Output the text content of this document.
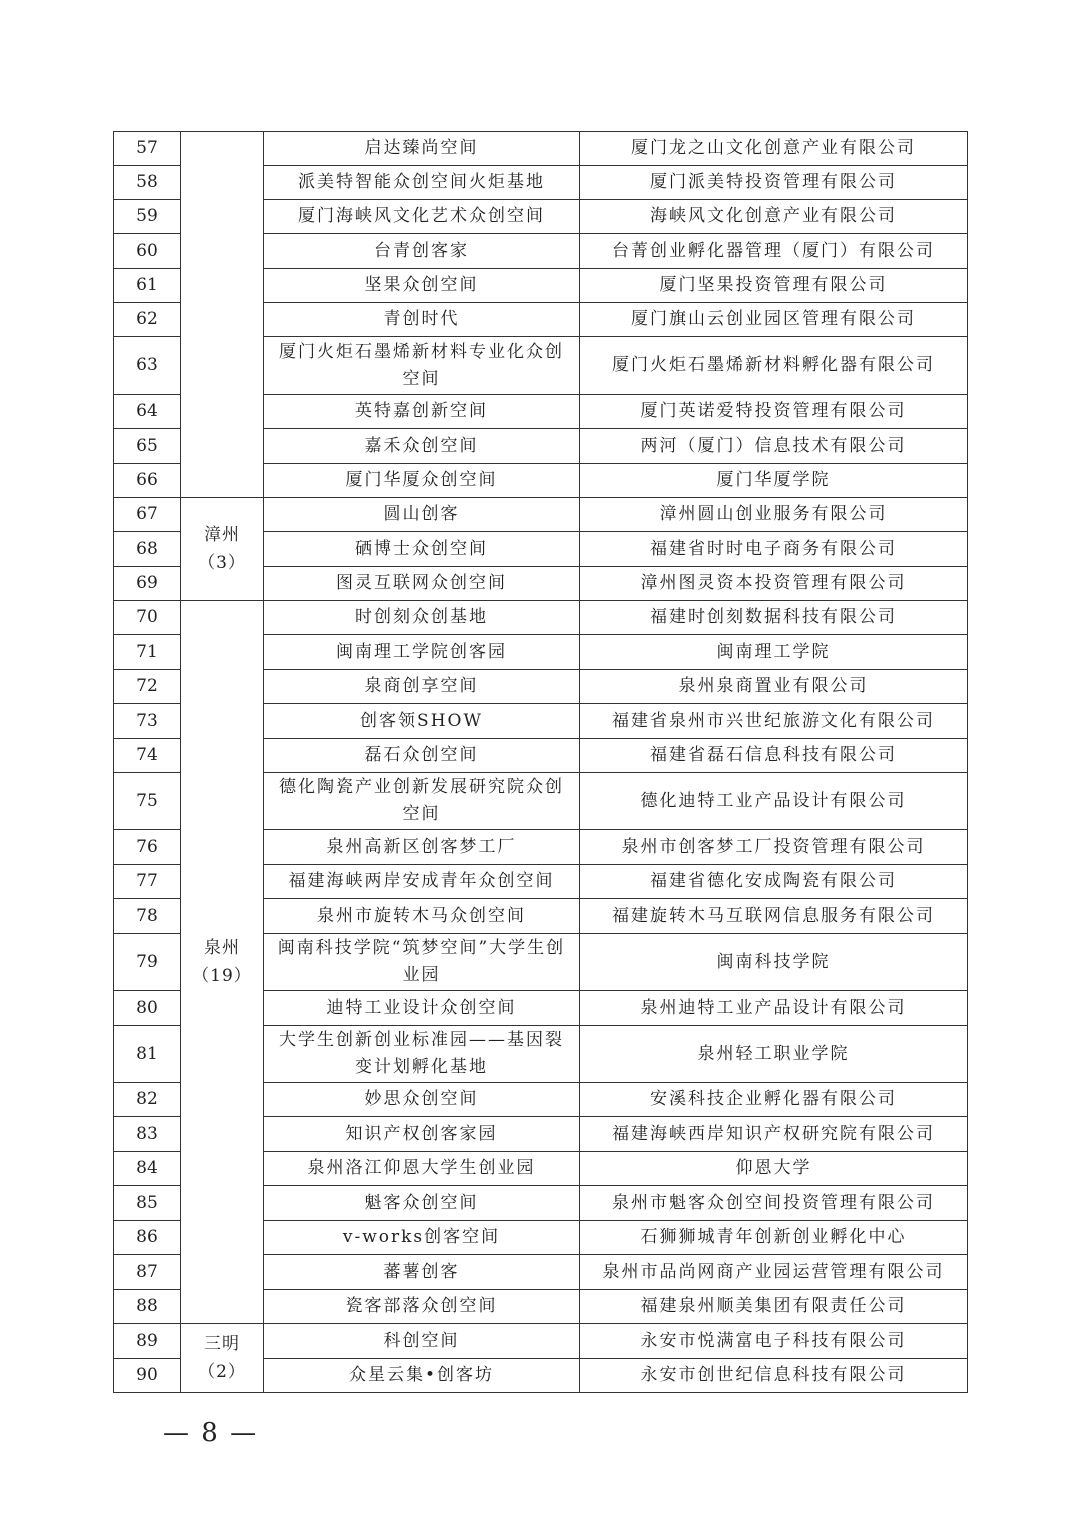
57		启达臻尚空间	厦门龙之山文化创意产业有限公司
58		派美特智能众创空间火炬基地	厦门派美特投资管理有限公司
59		厦门海峡风文化艺术众创空间	海峡风文化创意产业有限公司
60		台青创客家	台菁创业孵化器管理（厦门）有限公司
61		坚果众创空间	厦门坚果投资管理有限公司
62		青创时代	厦门旗山云创业园区管理有限公司
63		厦门火炬石墨烯新材料专业化众创空间	厦门火炬石墨烯新材料孵化器有限公司
64		英特嘉创新空间	厦门英诺爱特投资管理有限公司
65		嘉禾众创空间	两河（厦门）信息技术有限公司
66		厦门华厦众创空间	厦门华厦学院
67	漳州（3）	圆山创客	漳州圆山创业服务有限公司
68		硒博士众创空间	福建省时时电子商务有限公司
69		图灵互联网众创空间	漳州图灵资本投资管理有限公司
70	泉州（19）	时创刻众创基地	福建时创刻数据科技有限公司
71		闽南理工学院创客园	闽南理工学院
72		泉商创享空间	泉州泉商置业有限公司
73		创客领SHOW	福建省泉州市兴世纪旅游文化有限公司
74		磊石众创空间	福建省磊石信息科技有限公司
75		德化陶瓷产业创新发展研究院众创空间	德化迪特工业产品设计有限公司
76		泉州高新区创客梦工厂	泉州市创客梦工厂投资管理有限公司
77		福建海峡两岸安成青年众创空间	福建省德化安成陶瓷有限公司
78		泉州市旋转木马众创空间	福建旋转木马互联网信息服务有限公司
79		闽南科技学院“筑梦空间”大学生创业园	闽南科技学院
80		迪特工业设计众创空间	泉州迪特工业产品设计有限公司
81		大学生创新创业标准园——基因裂变计划孵化基地	泉州轻工职业学院
82		妙思众创空间	安溪科技企业孵化器有限公司
83		知识产权创客家园	福建海峡西岸知识产权研究院有限公司
84		泉州洛江仰恩大学生创业园	仰恩大学
85		魁客众创空间	泉州市魁客众创空间投资管理有限公司
86		v-works创客空间	石狮狮城青年创新创业孵化中心
87		蕃薯创客	泉州市品尚网商产业园运营管理有限公司
88		瓷客部落众创空间	福建泉州顺美集团有限责任公司
89	三明（2）	科创空间	永安市悦满富电子科技有限公司
90		众星云集•创客坊	永安市创世纪信息科技有限公司
— 8 —
